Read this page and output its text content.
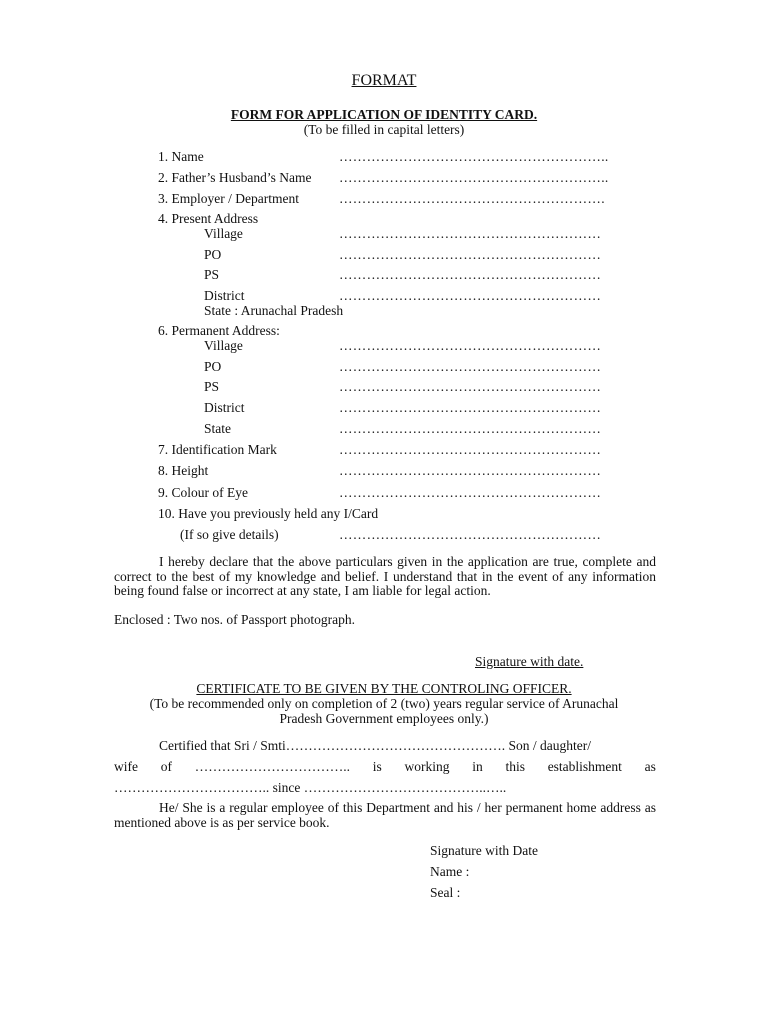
FORMAT
FORM FOR APPLICATION OF IDENTITY CARD.
(To be filled in capital letters)
1. Name	…………………………………………………..
2. Father’s Husband’s Name …………………………………………………..
3. Employer / Department	………………………………………………….
4. Present Address
Village	…………………………………………………
PO	…………………………………………………
PS	…………………………………………………
District	…………………………………………………
State : Arunachal Pradesh
6. Permanent Address:
Village	…………………………………………………
PO	…………………………………………………
PS	…………………………………………………
District	…………………………………………………
State	…………………………………………………
7. Identification Mark	…………………………………………………
8. Height	…………………………………………………
9. Colour of Eye	…………………………………………………
10. Have you previously held any I/Card
(If so give details)	…………………………………………………
I hereby declare that the above particulars given in the application are true, complete and correct to the best of my knowledge and belief. I understand that in the event of any information being found false or incorrect at any state, I am liable for legal action.
Enclosed : Two nos. of Passport photograph.
Signature with date.
CERTIFICATE TO BE GIVEN BY THE CONTROLING OFFICER.
(To be recommended only on completion of 2 (two) years regular service of Arunachal
Pradesh Government employees only.)
Certified that Sri / Smti…………………………………………. Son / daughter/
wife of …………………………….. is working in this establishment as
…………………………….. since …………………………………..…..
He/ She is a regular employee of this Department and his / her permanent home address as mentioned above is as per service book.
Signature with Date
Name :
Seal :
